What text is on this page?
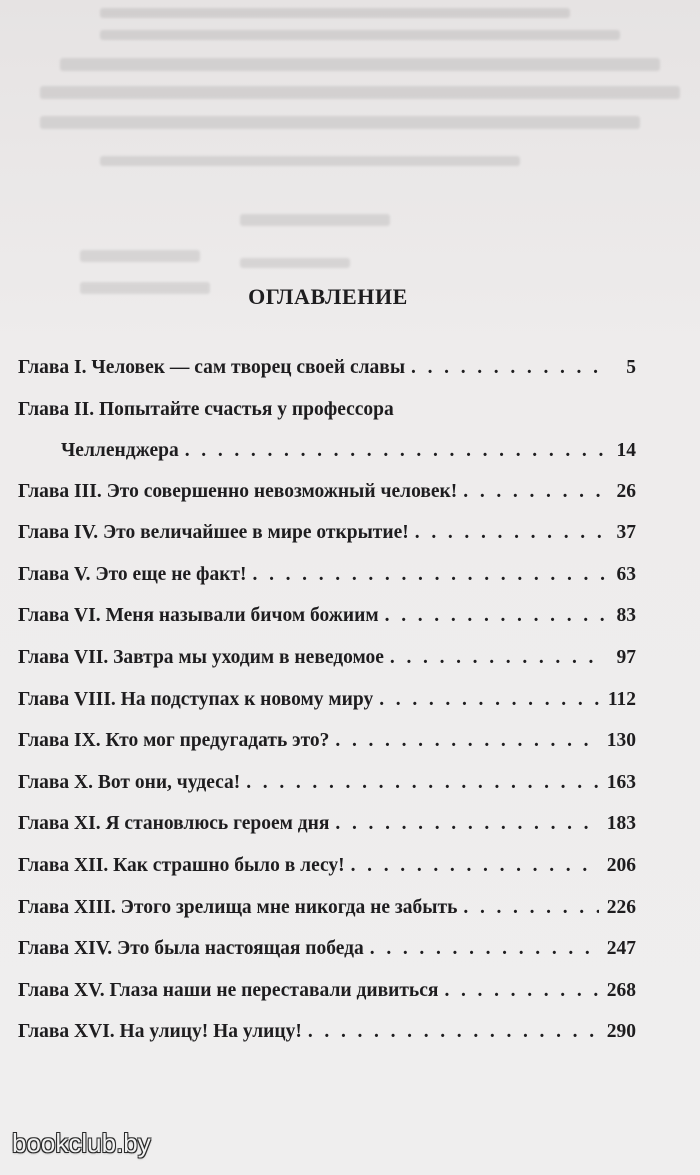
ОГЛАВЛЕНИЕ
Глава I. Человек — сам творец своей славы . . .	5
Глава II. Попытайте счастья у профессора
Челленджера . . .	14
Глава III. Это совершенно невозможный человек! . . .	26
Глава IV. Это величайшее в мире открытие! . . .	37
Глава V. Это еще не факт! . . .	63
Глава VI. Меня называли бичом божиим . . .	83
Глава VII. Завтра мы уходим в неведомое . . .	97
Глава VIII. На подступах к новому миру . . .	112
Глава IX. Кто мог предугадать это? . . .	130
Глава X. Вот они, чудеса! . . .	163
Глава XI. Я становлюсь героем дня . . .	183
Глава XII. Как страшно было в лесу! . . .	206
Глава XIII. Этого зрелища мне никогда не забыть . . .	226
Глава XIV. Это была настоящая победа . . .	247
Глава XV. Глаза наши не переставали дивиться . . .	268
Глава XVI. На улицу! На улицу! . . .	290
bookclub.by
